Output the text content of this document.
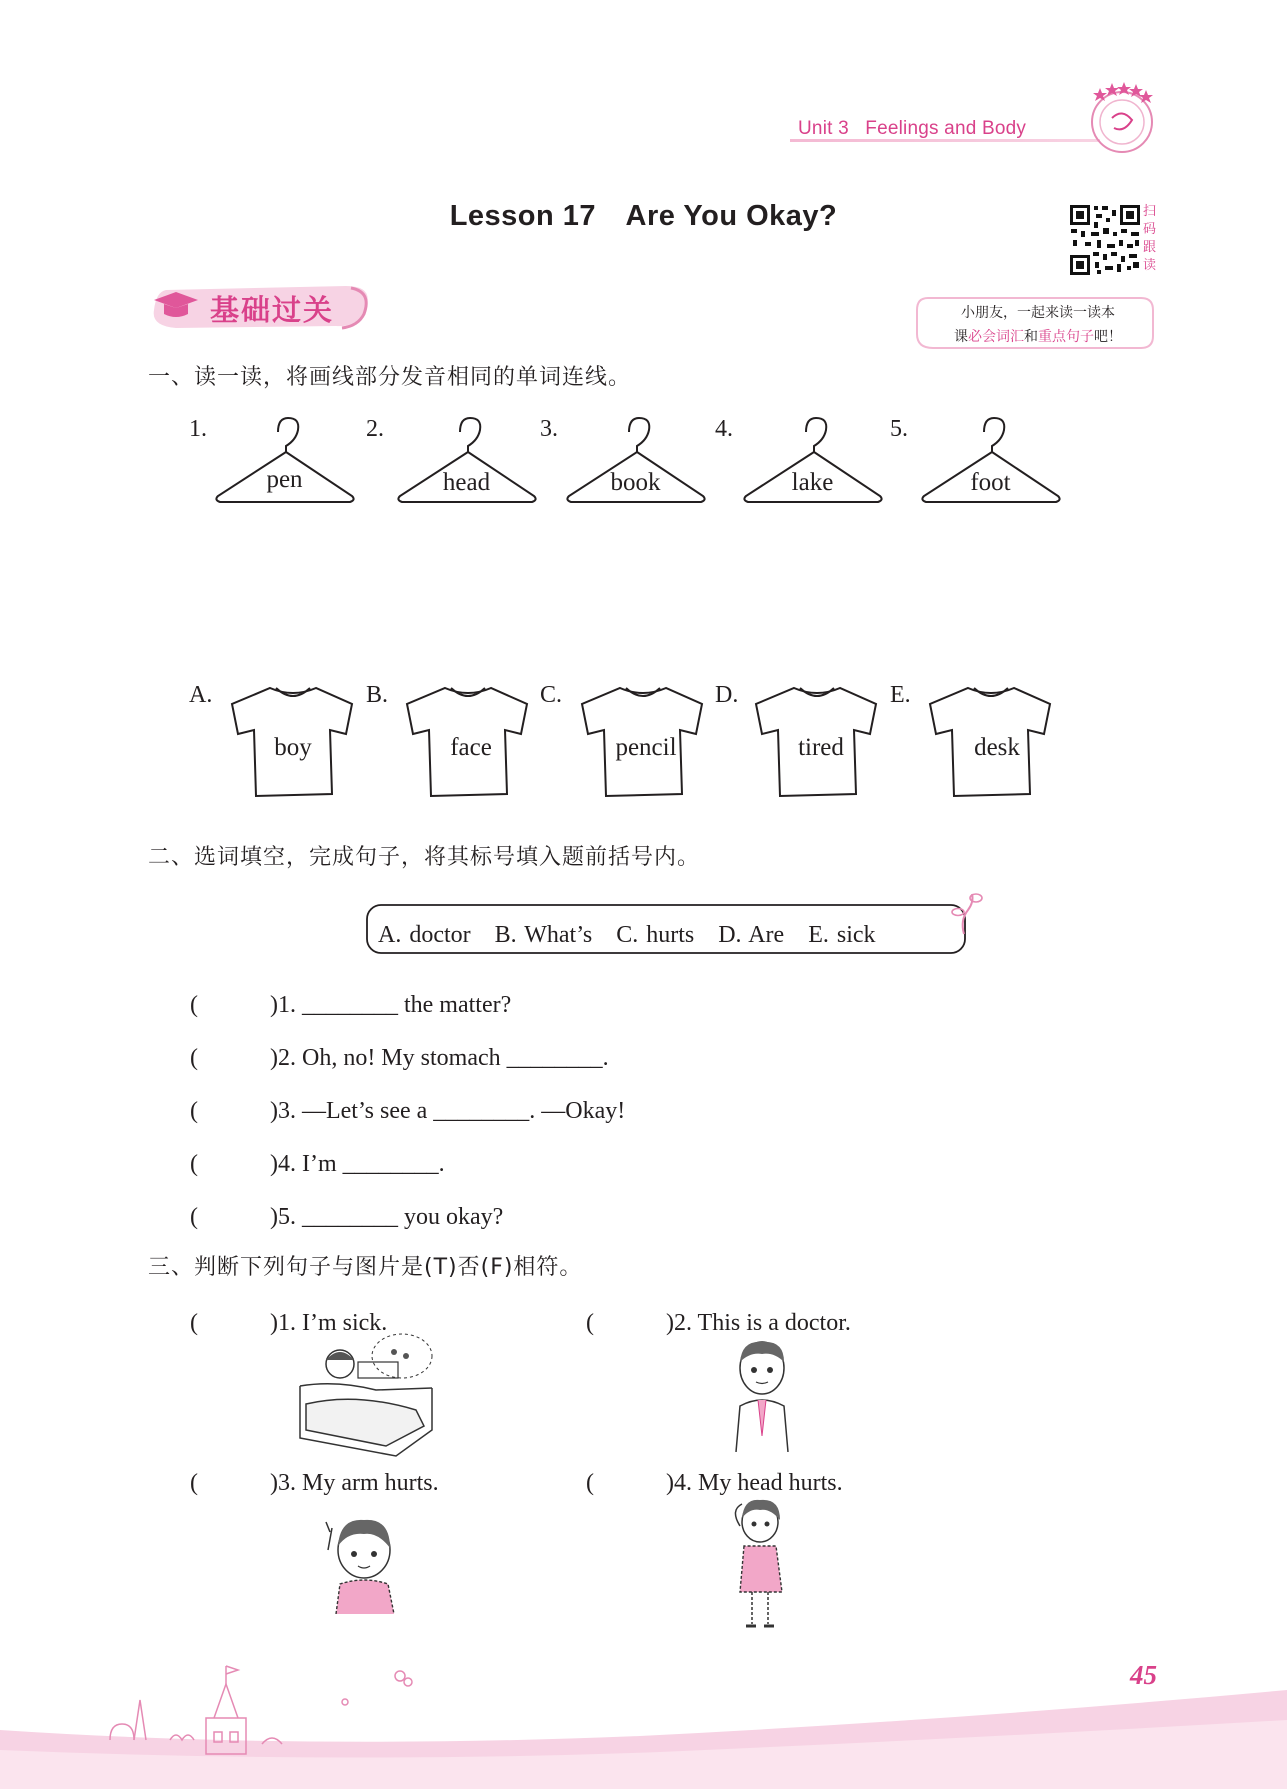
Unit 3 Feelings and Body
Lesson 17　Are You Okay?	扫
码
跟
读
基础过关	小朋友，一起来读一读本
课必会词汇和重点句子吧！
一、读一读，将画线部分发音相同的单词连线。
1.
pen
2.
head
3.
book
4.
lake
5.
foot
A.
boy
B.
face
C.
pencil
D.
tired
E.
desk
二、选词填空，完成句子，将其标号填入题前括号内。
A. doctor　B. What’s　C. hurts　D. Are　E. sick
(　　　)1. ________ the matter?
(　　　)2. Oh, no! My stomach ________.
(　　　)3. —Let’s see a ________. —Okay!
(　　　)4. I’m ________.
(　　　)5. ________ you okay?
三、判断下列句子与图片是(T)否(F)相符。
(　　　)1. I’m sick.	(　　　)2. This is a doctor.
(　　　)3. My arm hurts.	(　　　)4. My head hurts.
45
